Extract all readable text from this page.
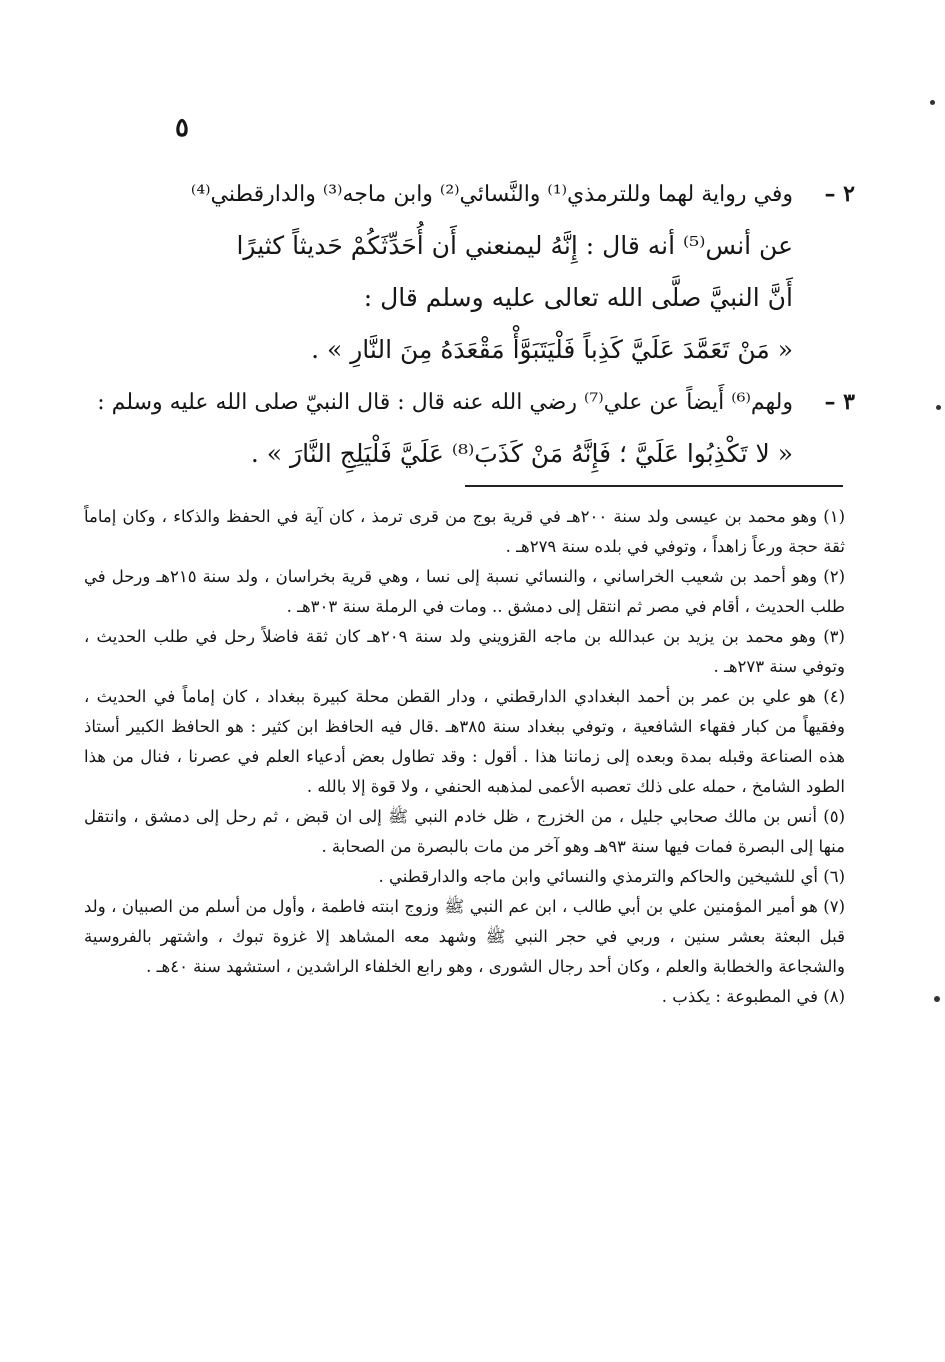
٥
٢ –وفي رواية لهما وللترمذي⁽¹⁾ والنَّسائي⁽²⁾ وابن ماجه⁽³⁾ والدارقطني⁽⁴⁾
عن أنس⁽⁵⁾ أنه قال : إِنَّهُ ليمنعني أَن أُحَدِّثَكُمْ حَديثاً كثيرًا
أَنَّ النبيَّ صلَّى الله تعالى عليه وسلم قال :
« مَنْ تَعَمَّدَ عَلَيَّ كَذِباً فَلْيَتَبَوَّأْ مَقْعَدَهُ مِنَ النَّارِ » .
٣ –ولهم⁽⁶⁾ أَيضاً عن علي⁽⁷⁾ رضي الله عنه قال : قال النبيّ صلى الله عليه وسلم :
« لا تَكْذِبُوا عَلَيَّ ؛ فَإِنَّهُ مَنْ كَذَبَ⁽⁸⁾ عَلَيَّ فَلْيَلِجِ النَّارَ » .

(١) وهو محمد بن عيسى ولد سنة ٢٠٠هـ في قرية بوج من قرى ترمذ ، كان آية في الحفظ والذكاء ، وكان إماماً ثقة حجة ورعاً زاهداً ، وتوفي في بلده سنة ٢٧٩هـ .

(٢) وهو أحمد بن شعيب الخراساني ، والنسائي نسبة إلى نسا ، وهي قرية بخراسان ، ولد سنة ٢١٥هـ ورحل في طلب الحديث ، أقام في مصر ثم انتقل إلى دمشق .. ومات في الرملة سنة ٣٠٣هـ .

(٣) وهو محمد بن يزيد بن عبدالله بن ماجه القزويني ولد سنة ٢٠٩هـ كان ثقة فاضلاً رحل في طلب الحديث ، وتوفي سنة ٢٧٣هـ .

(٤) هو علي بن عمر بن أحمد البغدادي الدارقطني ، ودار القطن محلة كبيرة ببغداد ، كان إماماً في الحديث ، وفقيهاً من كبار فقهاء الشافعية ، وتوفي ببغداد سنة ٣٨٥هـ .قال فيه الحافظ ابن كثير : هو الحافظ الكبير أستاذ هذه الصناعة وقبله بمدة وبعده إلى زماننا هذا . أقول : وقد تطاول بعض أدعياء العلم في عصرنا ، فنال من هذا الطود الشامخ ، حمله على ذلك تعصبه الأعمى لمذهبه الحنفي ، ولا قوة إلا بالله .

(٥) أنس بن مالك صحابي جليل ، من الخزرج ، ظل خادم النبي ﷺ إلى ان قبض ، ثم رحل إلى دمشق ، وانتقل منها إلى البصرة فمات فيها سنة ٩٣هـ وهو آخر من مات بالبصرة من الصحابة .

(٦) أي للشيخين والحاكم والترمذي والنسائي وابن ماجه والدارقطني .

(٧) هو أمير المؤمنين علي بن أبي طالب ، ابن عم النبي ﷺ وزوج ابنته فاطمة ، وأول من أسلم من الصبيان ، ولد قبل البعثة بعشر سنين ، وربي في حجر النبي ﷺ وشهد معه المشاهد إلا غزوة تبوك ، واشتهر بالفروسية والشجاعة والخطابة والعلم ، وكان أحد رجال الشورى ، وهو رابع الخلفاء الراشدين ، استشهد سنة ٤٠هـ .

(٨) في المطبوعة : يكذب .
